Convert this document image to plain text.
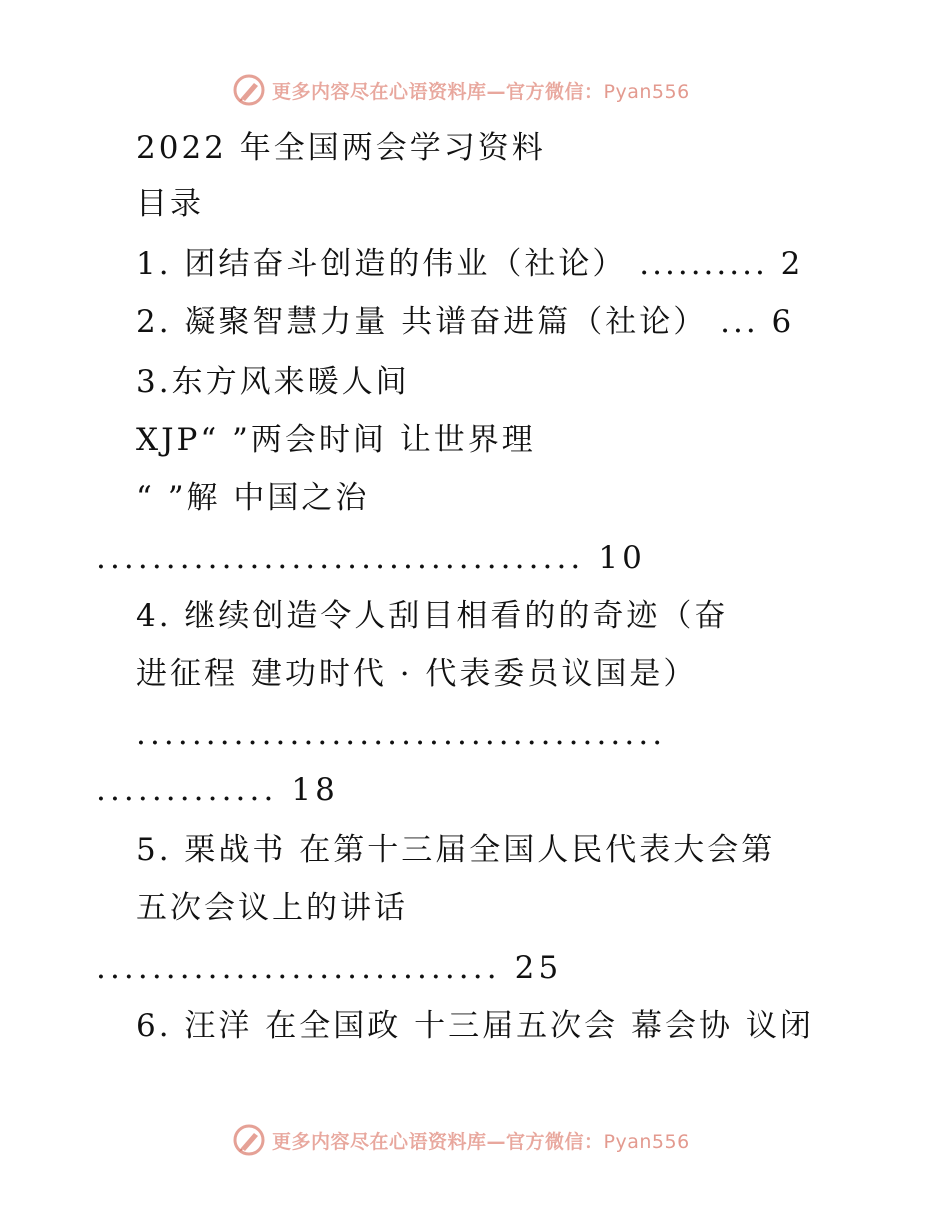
更多内容尽在心语资料库—官方微信：Pyan556
2022 年全国两会学习资料
目录
1. 团结奋斗创造的伟业（社论） .......... 2
2. 凝聚智慧力量 共谱奋进篇（社论） ... 6
3.东方风来暖人间
XJP“ ”两会时间 让世界理
“ ”解 中国之治
................................... 10
4. 继续创造令人刮目相看的的奇迹（奋
进征程 建功时代 · 代表委员议国是）
......................................
............. 18
5. 栗战书 在第十三届全国人民代表大会第
五次会议上的讲话
............................. 25
6. 汪洋 在全国政 十三届五次会 幕会协 议闭
更多内容尽在心语资料库—官方微信：Pyan556
